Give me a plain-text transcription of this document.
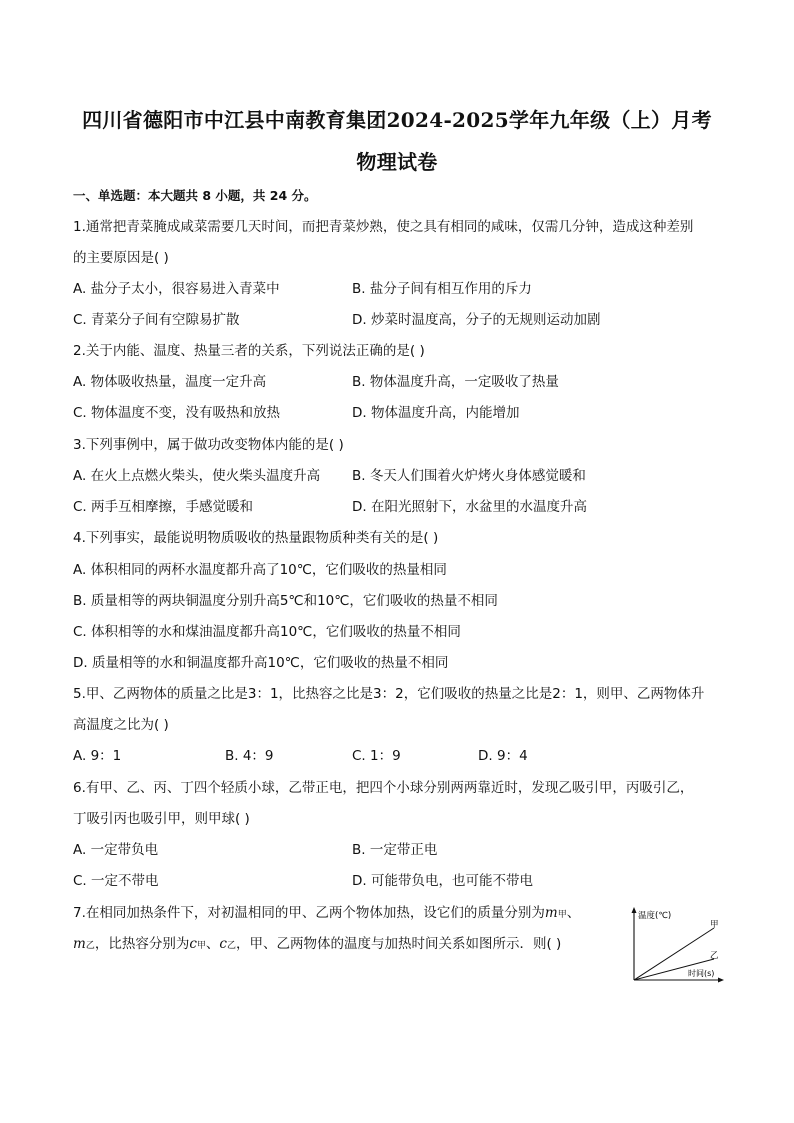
四川省德阳市中江县中南教育集团2024-2025学年九年级（上）月考
物理试卷
一、单选题：本大题共 8 小题，共 24 分。
1.通常把青菜腌成咸菜需要几天时间，而把青菜炒熟，使之具有相同的咸味，仅需几分钟，造成这种差别
的主要原因是( )
A. 盐分子太小，很容易进入青菜中	B. 盐分子间有相互作用的斥力
C. 青菜分子间有空隙易扩散	D. 炒菜时温度高，分子的无规则运动加剧
2.关于内能、温度、热量三者的关系，下列说法正确的是( )
A. 物体吸收热量，温度一定升高	B. 物体温度升高，一定吸收了热量
C. 物体温度不变，没有吸热和放热	D. 物体温度升高，内能增加
3.下列事例中，属于做功改变物体内能的是( )
A. 在火上点燃火柴头，使火柴头温度升高 B. 冬天人们围着火炉烤火身体感觉暖和
C. 两手互相摩擦，手感觉暖和	D. 在阳光照射下，水盆里的水温度升高
4.下列事实，最能说明物质吸收的热量跟物质种类有关的是( )
A. 体积相同的两杯水温度都升高了10℃，它们吸收的热量相同
B. 质量相等的两块铜温度分别升高5℃和10℃，它们吸收的热量不相同
C. 体积相等的水和煤油温度都升高10℃，它们吸收的热量不相同
D. 质量相等的水和铜温度都升高10℃，它们吸收的热量不相同
5.甲、乙两物体的质量之比是3：1，比热容之比是3：2，它们吸收的热量之比是2：1，则甲、乙两物体升
高温度之比为( )
A. 9：1	B. 4：9	C. 1：9	D. 9：4
6.有甲、乙、丙、丁四个轻质小球，乙带正电，把四个小球分别两两靠近时，发现乙吸引甲，丙吸引乙，
丁吸引丙也吸引甲，则甲球( )
A. 一定带负电	B. 一定带正电
C. 一定不带电	D. 可能带负电，也可能不带电
7.在相同加热条件下，对初温相同的甲、乙两个物体加热，设它们的质量分别为m甲、
m乙，比热容分别为c甲、c乙，甲、乙两物体的温度与加热时间关系如图所示．则( )
温度(℃)
甲
乙
时间(s)
